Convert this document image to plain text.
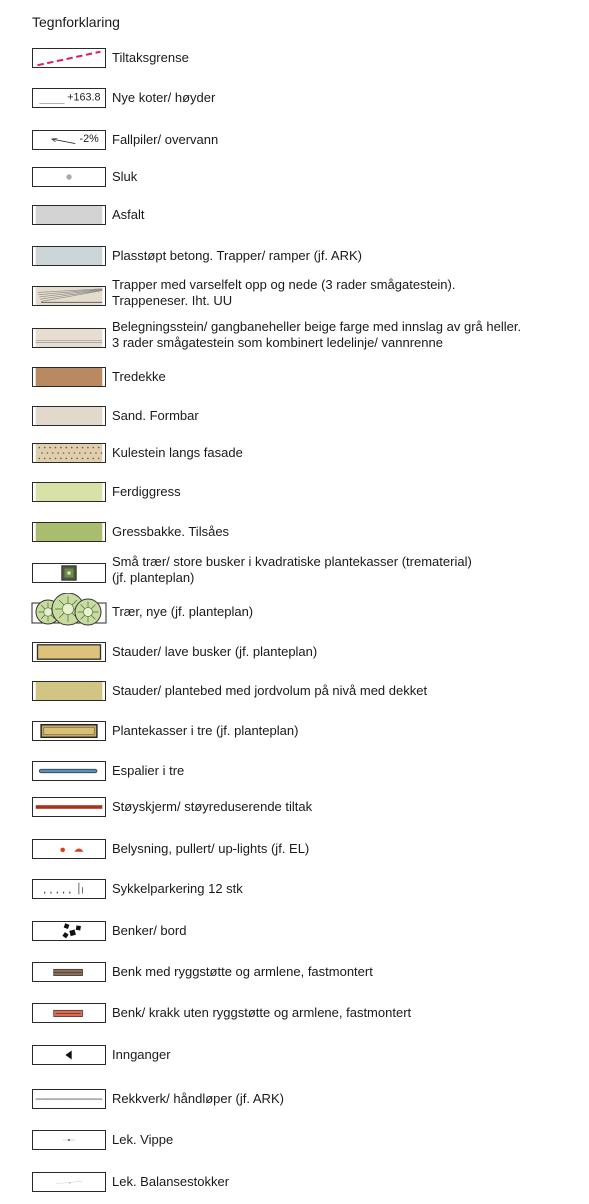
Tegnforklaring
Tiltaksgrense
+163.8 Nye koter/ høyder
-2% Fallpiler/ overvann
Sluk
Asfalt
Plasstøpt betong. Trapper/ ramper (jf. ARK)
Trapper med varselfelt opp og nede (3 rader smågatestein).
Trappeneser. Iht. UU
Belegningsstein/ gangbaneheller beige farge med innslag av grå heller.
3 rader smågatestein som kombinert ledelinje/ vannrenne
Tredekke
Sand. Formbar
Kulestein langs fasade
Ferdiggress
Gressbakke. Tilsåes
Små trær/ store busker i kvadratiske plantekasser (trematerial)
(jf. planteplan)
Trær, nye (jf. planteplan)
Stauder/ lave busker (jf. planteplan)
Stauder/ plantebed med jordvolum på nivå med dekket
Plantekasser i tre (jf. planteplan)
Espalier i tre
Støyskjerm/ støyreduserende tiltak
Belysning, pullert/ up-lights (jf. EL)
Sykkelparkering 12 stk
Benker/ bord
Benk med ryggstøtte og armlene, fastmontert
Benk/ krakk uten ryggstøtte og armlene, fastmontert
Innganger
Rekkverk/ håndløper (jf. ARK)
Lek. Vippe
Lek. Balansestokker
